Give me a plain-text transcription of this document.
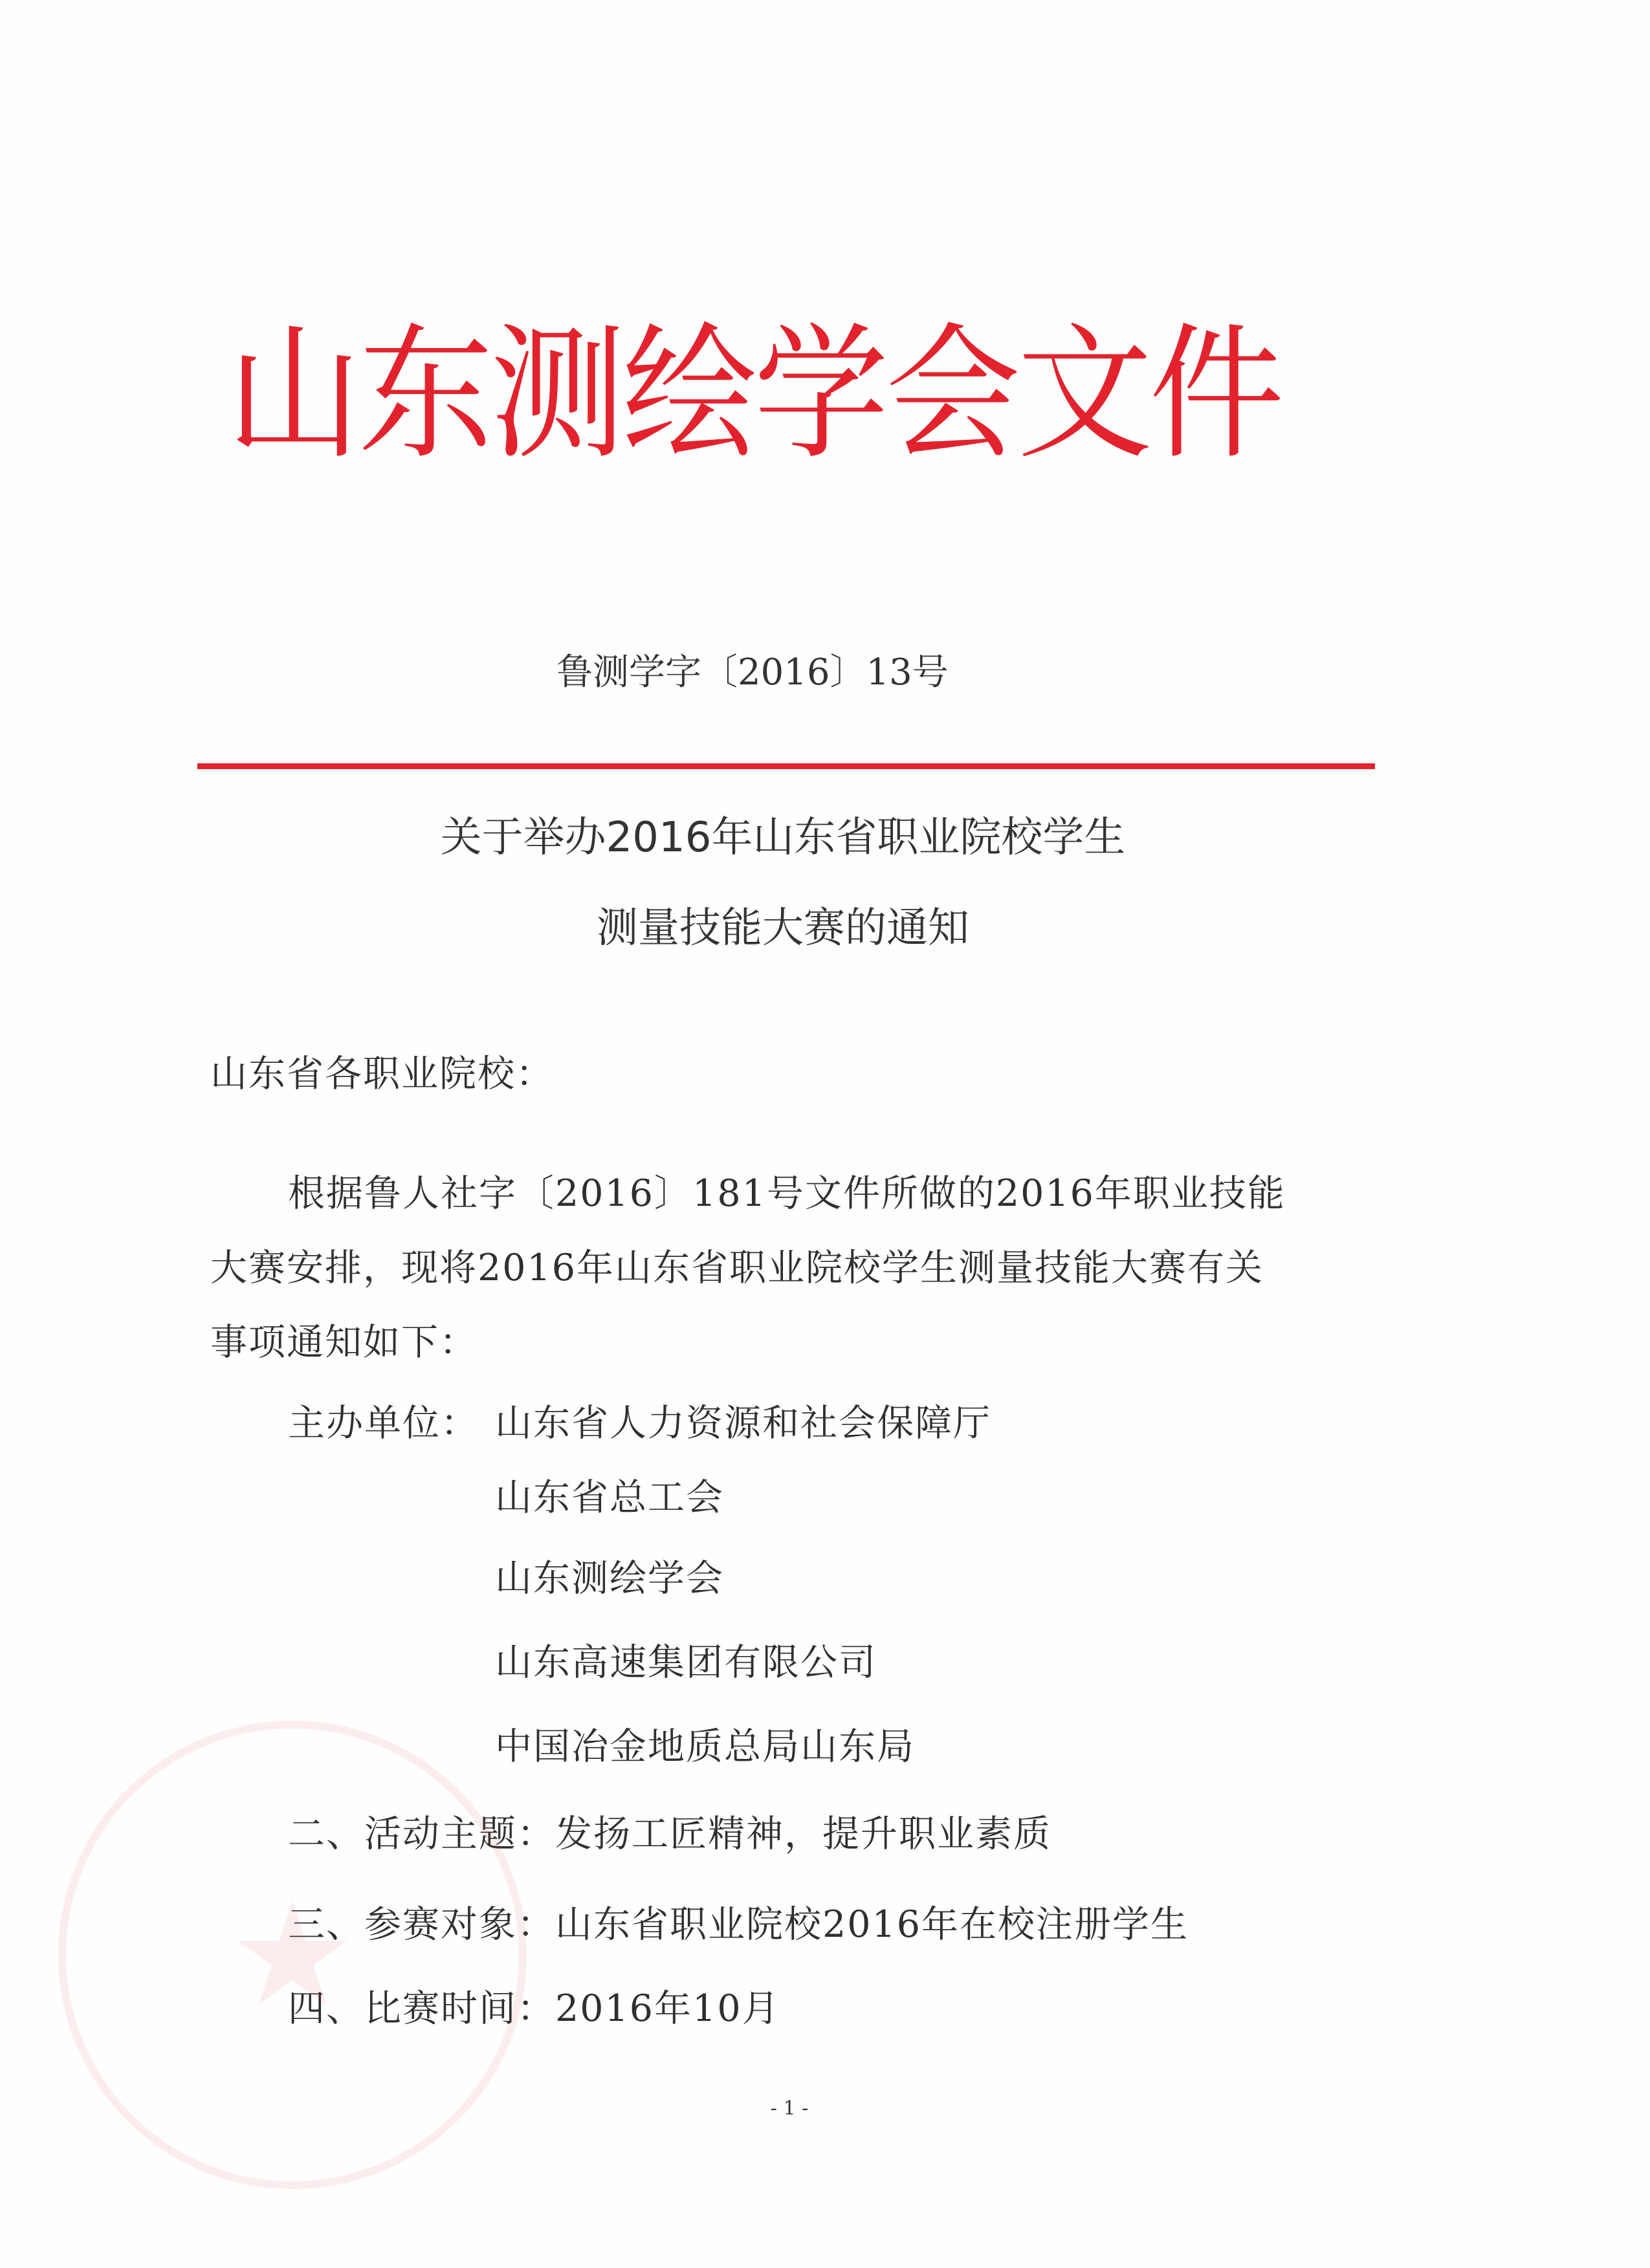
山东测绘学会文件
鲁测学字〔2016〕13号
关于举办2016年山东省职业院校学生
测量技能大赛的通知
山东省各职业院校：
根据鲁人社字〔2016〕181号文件所做的2016年职业技能
大赛安排，现将2016年山东省职业院校学生测量技能大赛有关
事项通知如下：
主办单位： 山东省人力资源和社会保障厅
山东省总工会
山东测绘学会
山东高速集团有限公司
中国冶金地质总局山东局
二、活动主题：发扬工匠精神，提升职业素质
三、参赛对象：山东省职业院校2016年在校注册学生
四、比赛时间：2016年10月
★
- 1 -
